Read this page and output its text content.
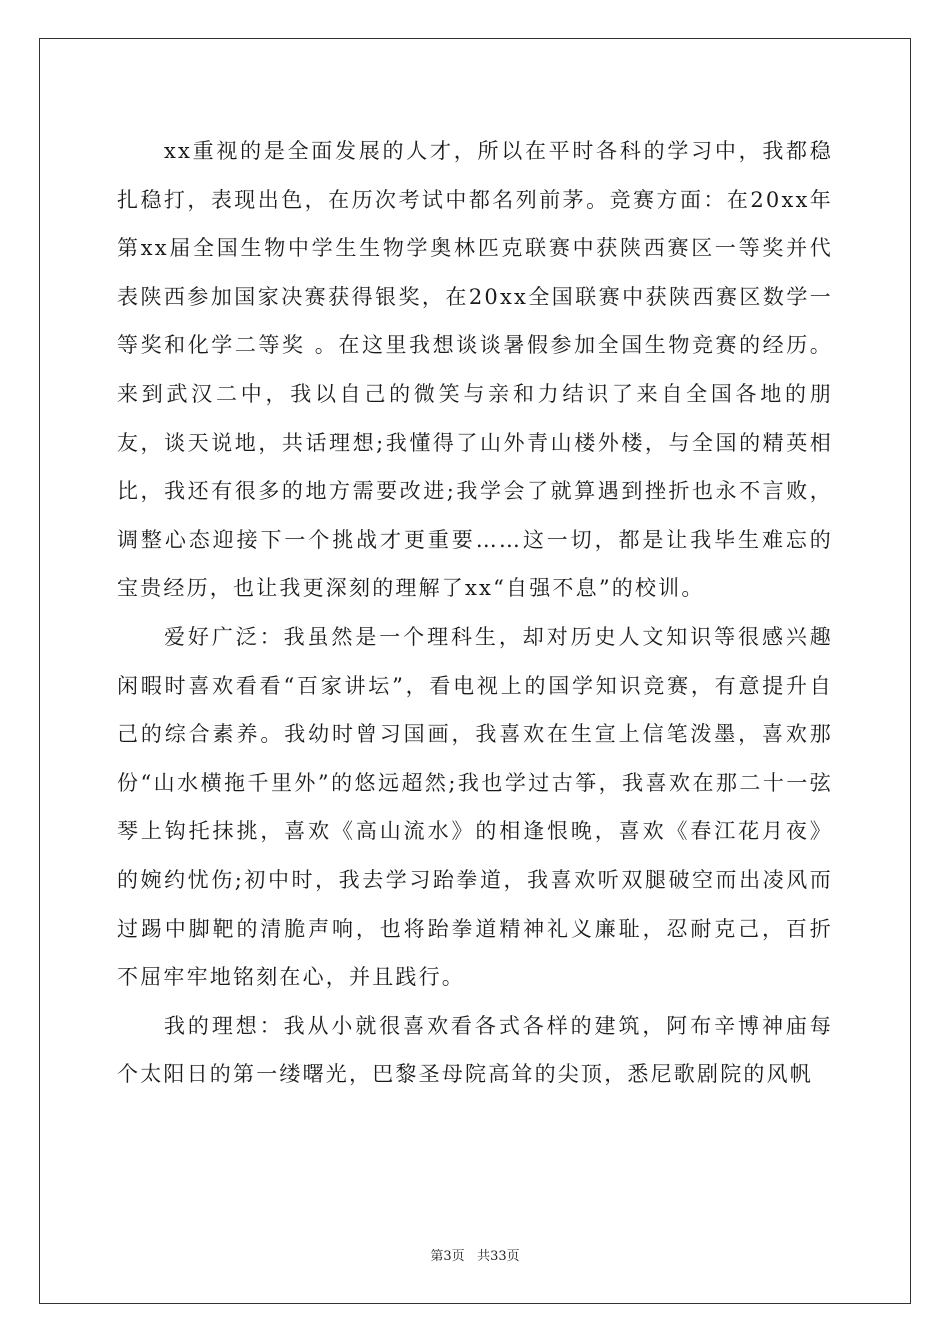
xx重视的是全面发展的人才，所以在平时各科的学习中，我都稳扎稳打，表现出色，在历次考试中都名列前茅。竞赛方面：在20xx年第xx届全国生物中学生生物学奥林匹克联赛中获陕西赛区一等奖并代表陕西参加国家决赛获得银奖，在20xx全国联赛中获陕西赛区数学一等奖和化学二等奖 。在这里我想谈谈暑假参加全国生物竞赛的经历。来到武汉二中，我以自己的微笑与亲和力结识了来自全国各地的朋友，谈天说地，共话理想;我懂得了山外青山楼外楼，与全国的精英相比，我还有很多的地方需要改进;我学会了就算遇到挫折也永不言败，调整心态迎接下一个挑战才更重要……这一切，都是让我毕生难忘的宝贵经历，也让我更深刻的理解了xx“自强不息”的校训。

爱好广泛：我虽然是一个理科生，却对历史人文知识等很感兴趣闲暇时喜欢看看“百家讲坛”，看电视上的国学知识竞赛，有意提升自己的综合素养。我幼时曾习国画，我喜欢在生宣上信笔泼墨，喜欢那份“山水横拖千里外”的悠远超然;我也学过古筝，我喜欢在那二十一弦琴上钩托抹挑，喜欢《高山流水》的相逢恨晚，喜欢《春江花月夜》的婉约忧伤;初中时，我去学习跆拳道，我喜欢听双腿破空而出凌风而过踢中脚靶的清脆声响，也将跆拳道精神礼义廉耻，忍耐克己，百折不屈牢牢地铭刻在心，并且践行。

我的理想：我从小就很喜欢看各式各样的建筑，阿布辛博神庙每个太阳日的第一缕曙光，巴黎圣母院高耸的尖顶，悉尼歌剧院的风帆

第3页 共33页
